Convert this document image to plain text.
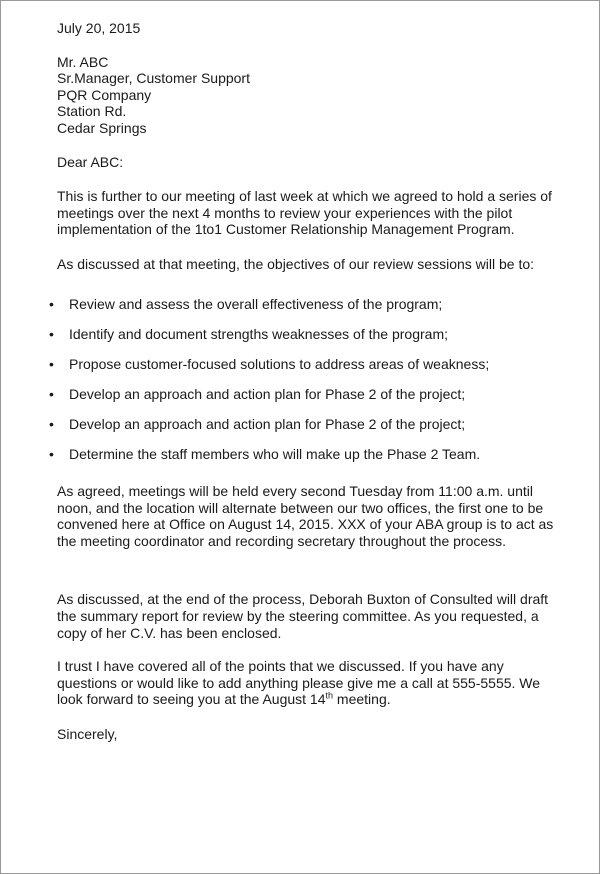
July 20, 2015
Mr. ABC
Sr.Manager, Customer Support
PQR Company
Station Rd.
Cedar Springs
Dear ABC:

This is further to our meeting of last week at which we agreed to hold a series of meetings over the next 4 months to review your experiences with the pilot implementation of the 1to1 Customer Relationship Management Program.

As discussed at that meeting, the objectives of our review sessions will be to:

•	Review and assess the overall effectiveness of the program;
•	Identify and document strengths weaknesses of the program;
•	Propose customer-focused solutions to address areas of weakness;
•	Develop an approach and action plan for Phase 2 of the project;
•	Develop an approach and action plan for Phase 2 of the project;
•	Determine the staff members who will make up the Phase 2 Team.

As agreed, meetings will be held every second Tuesday from 11:00 a.m. until noon, and the location will alternate between our two offices, the first one to be convened here at Office on August 14, 2015. XXX of your ABA group is to act as the meeting coordinator and recording secretary throughout the process.

As discussed, at the end of the process, Deborah Buxton of Consulted will draft the summary report for review by the steering committee. As you requested, a copy of her C.V. has been enclosed.

I trust I have covered all of the points that we discussed. If you have any questions or would like to add anything please give me a call at 555-5555. We look forward to seeing you at the August 14th meeting.

Sincerely,
